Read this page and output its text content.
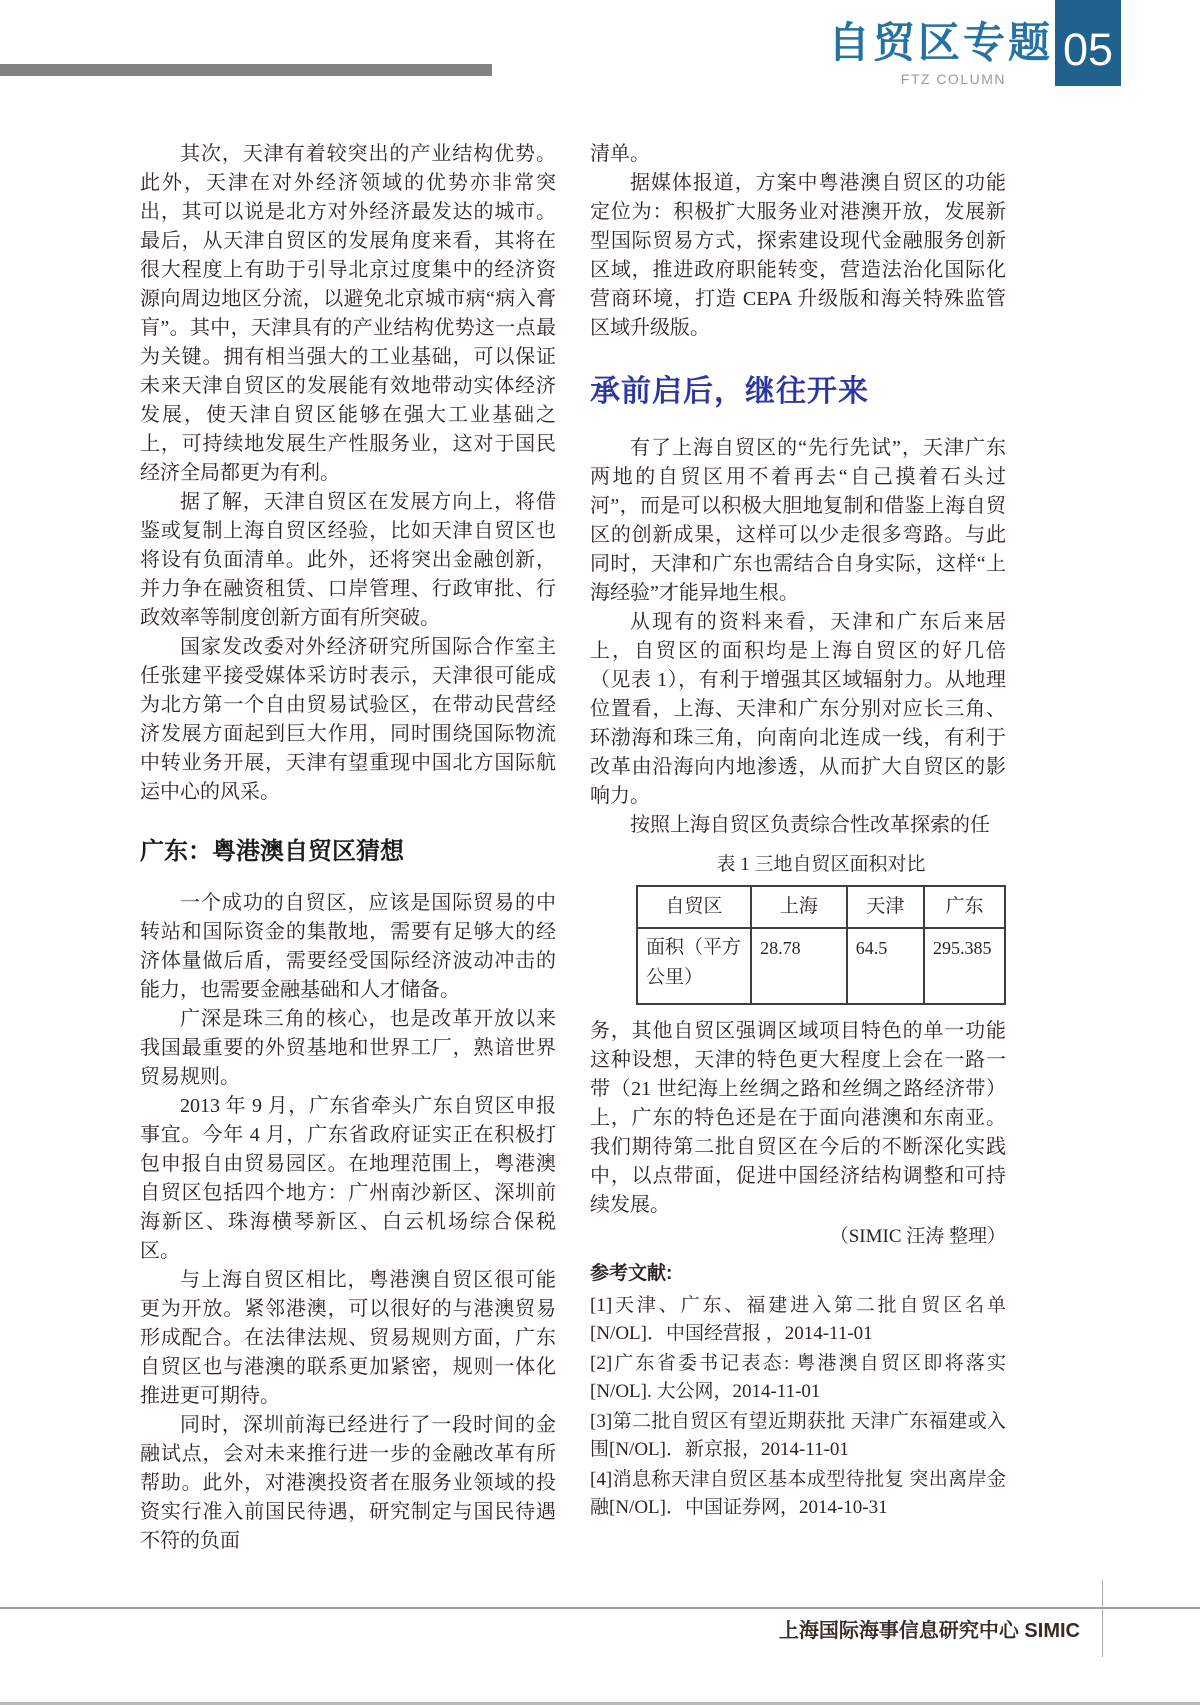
自贸区专题 05
FTZ COLUMN

其次，天津有着较突出的产业结构优势。此外，天津在对外经济领域的优势亦非常突出，其可以说是北方对外经济最发达的城市。最后，从天津自贸区的发展角度来看，其将在很大程度上有助于引导北京过度集中的经济资源向周边地区分流，以避免北京城市病“病入膏肓”。其中，天津具有的产业结构优势这一点最为关键。拥有相当强大的工业基础，可以保证未来天津自贸区的发展能有效地带动实体经济发展，使天津自贸区能够在强大工业基础之上，可持续地发展生产性服务业，这对于国民经济全局都更为有利。

据了解，天津自贸区在发展方向上，将借鉴或复制上海自贸区经验，比如天津自贸区也将设有负面清单。此外，还将突出金融创新，并力争在融资租赁、口岸管理、行政审批、行政效率等制度创新方面有所突破。

国家发改委对外经济研究所国际合作室主任张建平接受媒体采访时表示，天津很可能成为北方第一个自由贸易试验区，在带动民营经济发展方面起到巨大作用，同时围绕国际物流中转业务开展，天津有望重现中国北方国际航运中心的风采。

广东：粤港澳自贸区猜想

一个成功的自贸区，应该是国际贸易的中转站和国际资金的集散地，需要有足够大的经济体量做后盾，需要经受国际经济波动冲击的能力，也需要金融基础和人才储备。

广深是珠三角的核心，也是改革开放以来我国最重要的外贸基地和世界工厂，熟谙世界贸易规则。

2013 年 9 月，广东省牵头广东自贸区申报事宜。今年 4 月，广东省政府证实正在积极打包申报自由贸易园区。在地理范围上，粤港澳自贸区包括四个地方：广州南沙新区、深圳前海新区、珠海横琴新区、白云机场综合保税区。

与上海自贸区相比，粤港澳自贸区很可能更为开放。紧邻港澳，可以很好的与港澳贸易形成配合。在法律法规、贸易规则方面，广东自贸区也与港澳的联系更加紧密，规则一体化推进更可期待。

同时，深圳前海已经进行了一段时间的金融试点，会对未来推行进一步的金融改革有所帮助。此外，对港澳投资者在服务业领域的投资实行准入前国民待遇，研究制定与国民待遇不符的负面

清单。

据媒体报道，方案中粤港澳自贸区的功能定位为：积极扩大服务业对港澳开放，发展新型国际贸易方式，探索建设现代金融服务创新区域，推进政府职能转变，营造法治化国际化营商环境，打造 CEPA 升级版和海关特殊监管区域升级版。

承前启后，继往开来

有了上海自贸区的“先行先试”，天津广东两地的自贸区用不着再去“自己摸着石头过河”，而是可以积极大胆地复制和借鉴上海自贸区的创新成果，这样可以少走很多弯路。与此同时，天津和广东也需结合自身实际，这样“上海经验”才能异地生根。

从现有的资料来看，天津和广东后来居上，自贸区的面积均是上海自贸区的好几倍（见表 1），有利于增强其区域辐射力。从地理位置看，上海、天津和广东分别对应长三角、环渤海和珠三角，向南向北连成一线，有利于改革由沿海向内地渗透，从而扩大自贸区的影响力。

按照上海自贸区负责综合性改革探索的任

表 1 三地自贸区面积对比
自贸区	上海	天津	广东
面积（平方公里）	28.78	64.5	295.385

务，其他自贸区强调区域项目特色的单一功能这种设想，天津的特色更大程度上会在一路一带（21 世纪海上丝绸之路和丝绸之路经济带）上，广东的特色还是在于面向港澳和东南亚。我们期待第二批自贸区在今后的不断深化实践中，以点带面，促进中国经济结构调整和可持续发展。

（SIMIC 汪涛 整理）

参考文献:

[1]天津、广东、福建进入第二批自贸区名单[N/OL]．中国经营报 ，2014-11-01

[2]广东省委书记表态: 粤港澳自贸区即将落实[N/OL]. 大公网，2014-11-01

[3]第二批自贸区有望近期获批 天津广东福建或入围[N/OL]．新京报，2014-11-01

[4]消息称天津自贸区基本成型待批复 突出离岸金融[N/OL]．中国证券网，2014-10-31

上海国际海事信息研究中心 SIMIC
